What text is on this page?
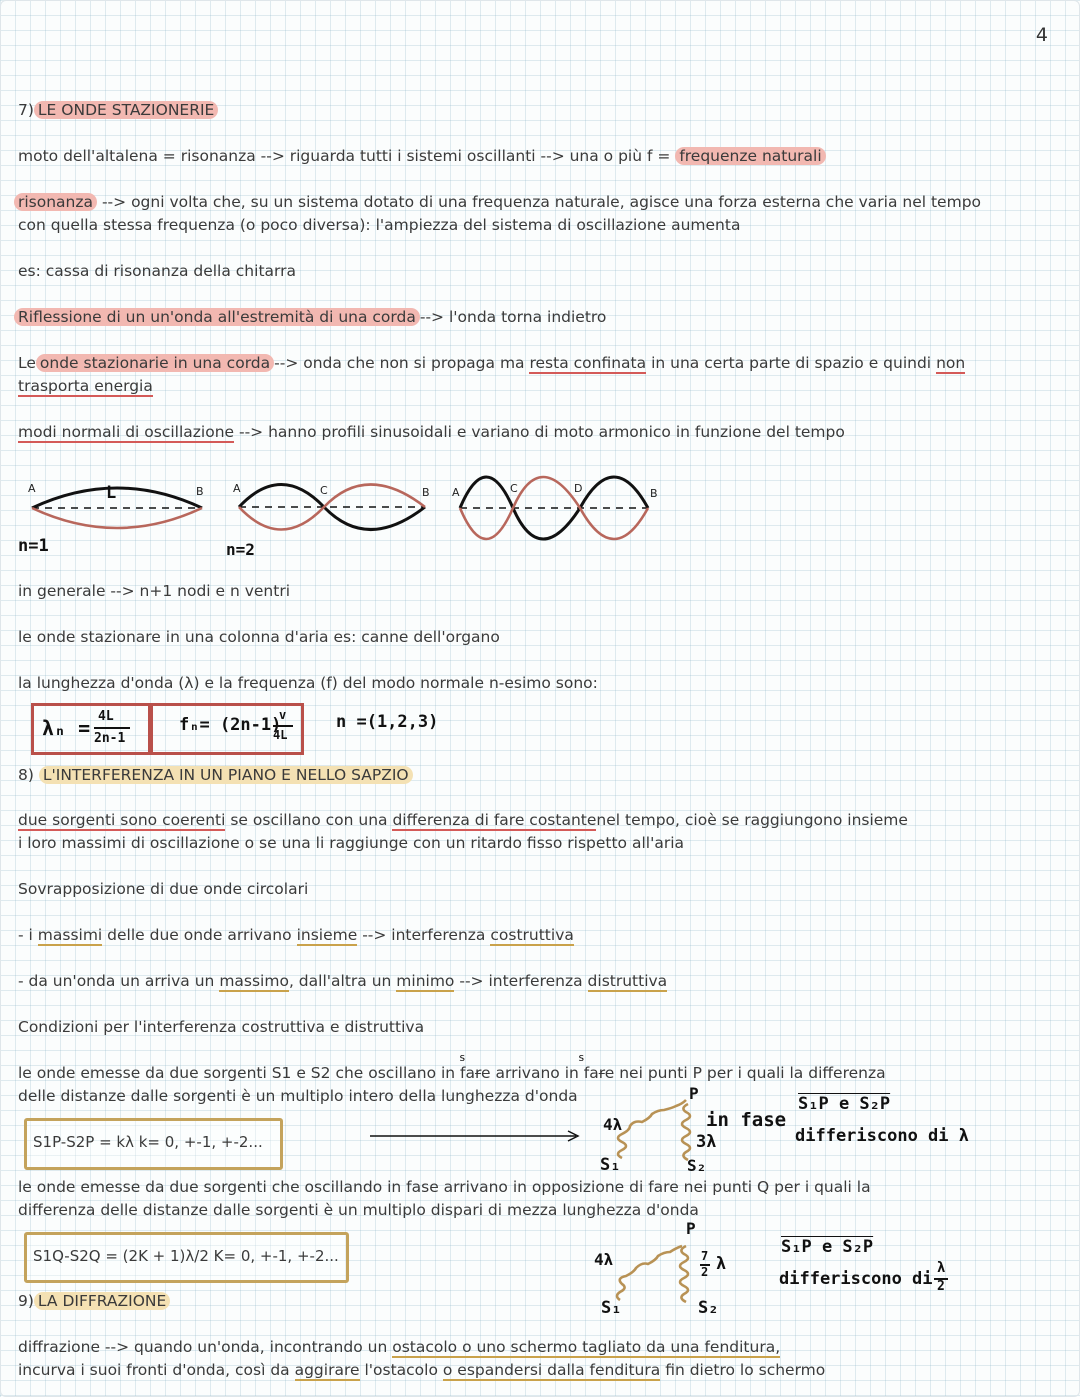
4
7) LE ONDE STAZIONERIE
moto dell'altalena = risonanza --> riguarda tutti i sistemi oscillanti --> una o più f = frequenze naturali
risonanza --> ogni volta che, su un sistema dotato di una frequenza naturale, agisce una forza esterna che varia nel tempo
con quella stessa frequenza (o poco diversa): l'ampiezza del sistema di oscillazione aumenta
es: cassa di risonanza della chitarra
Riflessione di un un'onda all'estremità di una corda --> l'onda torna indietro
Le onde stazionarie in una corda --> onda che non si propaga ma resta confinata in una certa parte di spazio e quindi non
trasporta energia
modi normali di oscillazione --> hanno profili sinusoidali e variano di moto armonico in funzione del tempo
A	L	B
n=1
A	C	B
n=2
A	C	D	B
in generale --> n+1 nodi e n ventri
le onde stazionare in una colonna d'aria es: canne dell'organo
la lunghezza d'onda (λ) e la frequenza (f) del modo normale n-esimo sono:
λₙ = 4L
2n-1
fₙ= (2n-1)
v
4L
n =(1,2,3)
8) L'INTERFERENZA IN UN PIANO E NELLO SAPZIO
due sorgenti sono coerenti se oscillano con una differenza di fare costantenel tempo, cioè se raggiungono insieme
i loro massimi di oscillazione o se una li raggiunge con un ritardo fisso rispetto all'aria
Sovrapposizione di due onde circolari
- i massimi delle due onde arrivano insieme --> interferenza costruttiva
- da un'onda un arriva un massimo, dall'altra un minimo --> interferenza distruttiva
Condizioni per l'interferenza costruttiva e distruttiva
s	s
le onde emesse da due sorgenti S1 e S2 che oscillano in fare arrivano in fare nei punti P per i quali la differenza
delle distanze dalle sorgenti è un multiplo intero della lunghezza d'onda
S1P-S2P = kλ k= 0, +-1, +-2...
P
4λ	in fase
3λ
S₁	S₂
S₁P e S₂P
differiscono di λ
le onde emesse da due sorgenti che oscillando in fase arrivano in opposizione di fare nei punti Q per i quali la
differenza delle distanze dalle sorgenti è un multiplo dispari di mezza lunghezza d'onda
S1Q-S2Q = (2K + 1)λ/2 K= 0, +-1, +-2...
P
4λ	7
2 λ
S₁	S₂
S₁P e S₂P
differiscono di
λ
2
9) LA DIFFRAZIONE
diffrazione --> quando un'onda, incontrando un ostacolo o uno schermo tagliato da una fenditura,
incurva i suoi fronti d'onda, così da aggirare l'ostacolo o espandersi dalla fenditura fin dietro lo schermo
